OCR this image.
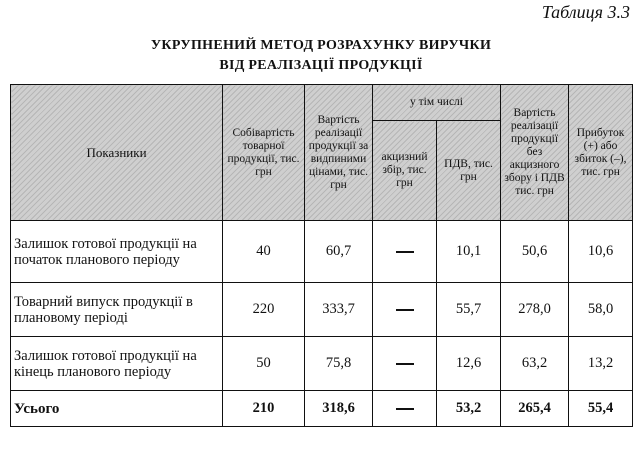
Таблиця 3.3
УКРУПНЕНИЙ МЕТОД РОЗРАХУНКУ ВИРУЧКИ
ВІД РЕАЛІЗАЦІЇ ПРОДУКЦІЇ
Показники	Собівартість товарної продукції, тис. грн	Вартість реалізації продукції за видпиними цінами, тис. грн	у тім числі		Вартість реалізації продукції без акцизного збору і ПДВ тис. грн	Прибуток (+) або збиток (–), тис. грн
			акцизний збір, тис. грн	ПДВ, тис. грн		
Залишок готової продукції на початок планового періоду	40	60,7		10,1	50,6	10,6
Товарний випуск продукції в плановому періоді	220	333,7		55,7	278,0	58,0
Залишок готової продукції на кінець планового періоду	50	75,8		12,6	63,2	13,2
Усього	210	318,6		53,2	265,4	55,4
